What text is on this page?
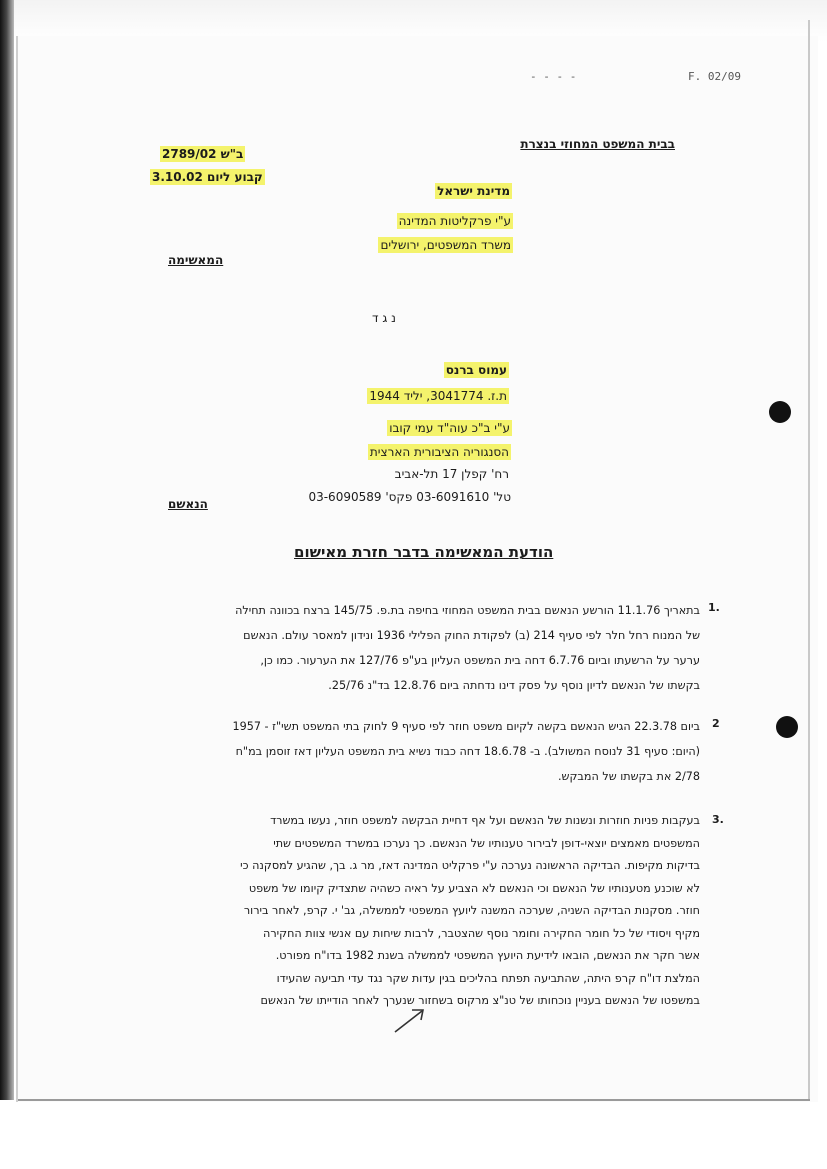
- - - -	F. 02/09
בבית המשפט המחוזי בנצרת
ב"ש 2789/02
קבוע ליום 3.10.02
מדינת ישראל
ע"י פרקליטות המדינה
משרד המשפטים, ירושלים
המאשימה
נ ג ד
עמוס ברנס
ת.ז. 3041774, יליד 1944
ע"י ב"כ עוה"ד עמי קובו
הסנגוריה הציבורית הארצית
רח' קפלן 17 תל-אביב
טל' 03-6091610 פקס' 03-6090589
הנאשם
הודעת המאשימה בדבר חזרת מאישום
1.
בתאריך 11.1.76 הורשע הנאשם בבית המשפט המחוזי בחיפה בת.פ. 145/75 ברצח בכוונה תחילה
של המנוח רחל חלר לפי סעיף 214 (ב) לפקודת החוק הפלילי 1936 ונידון למאסר עולם. הנאשם
ערער על הרשעתו וביום 6.7.76 דחה בית המשפט העליון בע"פ 127/76 את הערעור. כמו כן,
בקשתו של הנאשם לדיון נוסף על פסק דינו נדחתה ביום 12.8.76 בד"נ 25/76.
2
ביום 22.3.78 הגיש הנאשם בקשה לקיום משפט חוזר לפי סעיף 9 לחוק בתי המשפט תשי"ז - 1957
(היום: סעיף 31 לנוסח המשולב). ב- 18.6.78 דחה כבוד נשיא בית המשפט העליון דאז זוסמן במ"ח
2/78 את בקשתו של המבקש.
3.
בעקבות פניות חוזרות ונשנות של הנאשם ועל אף דחיית הבקשה למשפט חוזר, נעשו במשרד
המשפטים מאמצים יוצאי-דופן לבירור טענותיו של הנאשם. כך נערכו במשרד המשפטים שתי
בדיקות מקיפות. הבדיקה הראשונה נערכה ע"י פרקליט המדינה דאז, מר ג. בך, שהגיע למסקנה כי
לא שוכנע מטענותיו של הנאשם וכי הנאשם לא הצביע על ראיה כשהיה שתצדיק קיומו של משפט
חוזר. מסקנות הבדיקה השניה, שערכה המשנה ליועץ המשפטי לממשלה, גב' י. קרפ, לאחר בירור
מקיף ויסודי של כל חומר החקירה וחומר נוסף שהצטבר, לרבות שיחות עם אנשי צוות החקירה
אשר חקר את הנאשם, הובאו לידיעת היועץ המשפטי לממשלה בשנת 1982 בדו"ח מפורט.
המלצת דו"ח קרפ היתה, שהתביעה תפתח בהליכים בגין עדות שקר נגד עדי תביעה שהעידו
במשפטו של הנאשם בעניין נוכחותו של טנ"צ מרקוס בשחזור שנערך לאחר הודייתו של הנאשם
